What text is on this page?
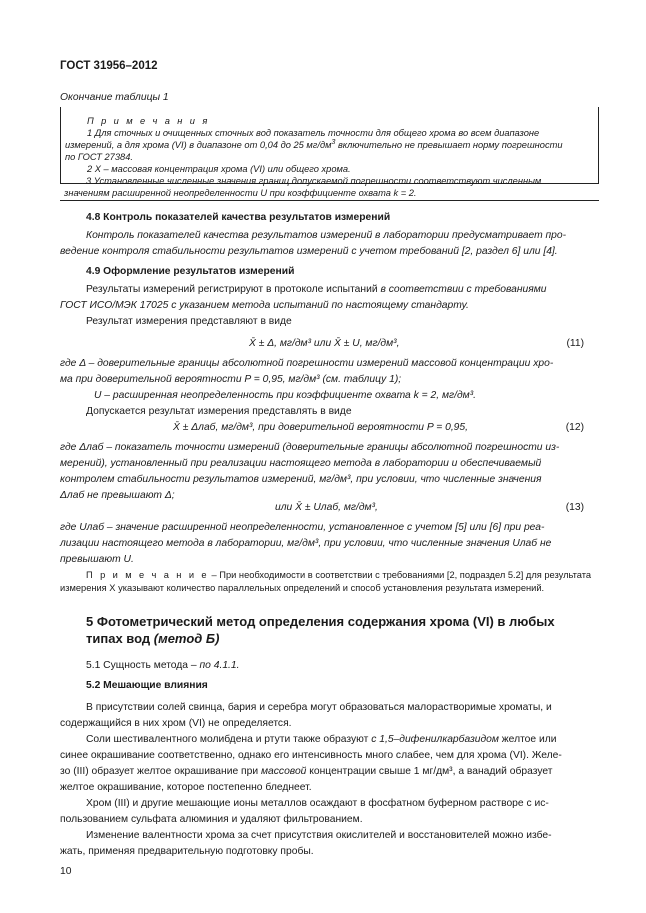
ГОСТ 31956–2012
Окончание таблицы 1
П р и м е ч а н и я
1 Для сточных и очищенных сточных вод показатель точности для общего хрома во всем диапазоне
измерений, а для хрома (VI) в диапазоне от 0,04 до 25 $мг/дм^3$ включительно не превышает норму погрешности
по ГОСТ 27384.
2 X – массовая концентрация хрома (VI) или общего хрома.
3 Установленные численные значения границ допускаемой погрешности соответствуют численным
значениям расширенной неопределенности U при коэффициенте охвата k = 2.
4.8 Контроль показателей качества результатов измерений
Контроль показателей качества результатов измерений в лаборатории предусматривает про-
ведение контроля стабильности результатов измерений с учетом требований [2, раздел 6] или [4].
4.9 Оформление результатов измерений
Результаты измерений регистрируют в протоколе испытаний в соответствии с требованиями
ГОСТ ИСО/МЭК 17025 с указанием метода испытаний по настоящему стандарту.
Результат измерения представляют в виде
X̄ ± Δ, мг/дм³ или X̄ ± U, мг/дм³,	(11)
где Δ – доверительные границы абсолютной погрешности измерений массовой концентрации хро-
ма при доверительной вероятности P = 0,95, мг/дм³ (см. таблицу 1);
U – расширенная неопределенность при коэффициенте охвата k = 2, мг/дм³.
Допускается результат измерения представлять в виде
X̄ ± Δлаб, мг/дм³, при доверительной вероятности P = 0,95,	(12)
где Δлаб – показатель точности измерений (доверительные границы абсолютной погрешности из-
мерений), установленный при реализации настоящего метода в лаборатории и обеспечиваемый
контролем стабильности результатов измерений, мг/дм³, при условии, что численные значения
Δлаб не превышают Δ;
или X̄ ± Uлаб, мг/дм³,	(13)
где Uлаб – значение расширенной неопределенности, установленное с учетом [5] или [6] при реа-
лизации настоящего метода в лаборатории, мг/дм³, при условии, что численные значения Uлаб не
превышают U.
П р и м е ч а н и е – При необходимости в соответствии с требованиями [2, подраздел 5.2] для результата
измерения X указывают количество параллельных определений и способ установления результата измерений.
5 Фотометрический метод определения содержания хрома (VI) в любых
типах вод (метод Б)
5.1 Сущность метода – по 4.1.1.
5.2 Мешающие влияния
В присутствии солей свинца, бария и серебра могут образоваться малорастворимые хроматы, и
содержащийся в них хром (VI) не определяется.
Соли шестивалентного молибдена и ртути также образуют с 1,5–дифенилкарбазидом желтое или
синее окрашивание соответственно, однако его интенсивность много слабее, чем для хрома (VI). Желе-
зо (III) образует желтое окрашивание при массовой концентрации свыше 1 мг/дм³, а ванадий образует
желтое окрашивание, которое постепенно бледнеет.
Хром (III) и другие мешающие ионы металлов осаждают в фосфатном буферном растворе с ис-
пользованием сульфата алюминия и удаляют фильтрованием.
Изменение валентности хрома за счет присутствия окислителей и восстановителей можно избе-
жать, применяя предварительную подготовку пробы.
10
